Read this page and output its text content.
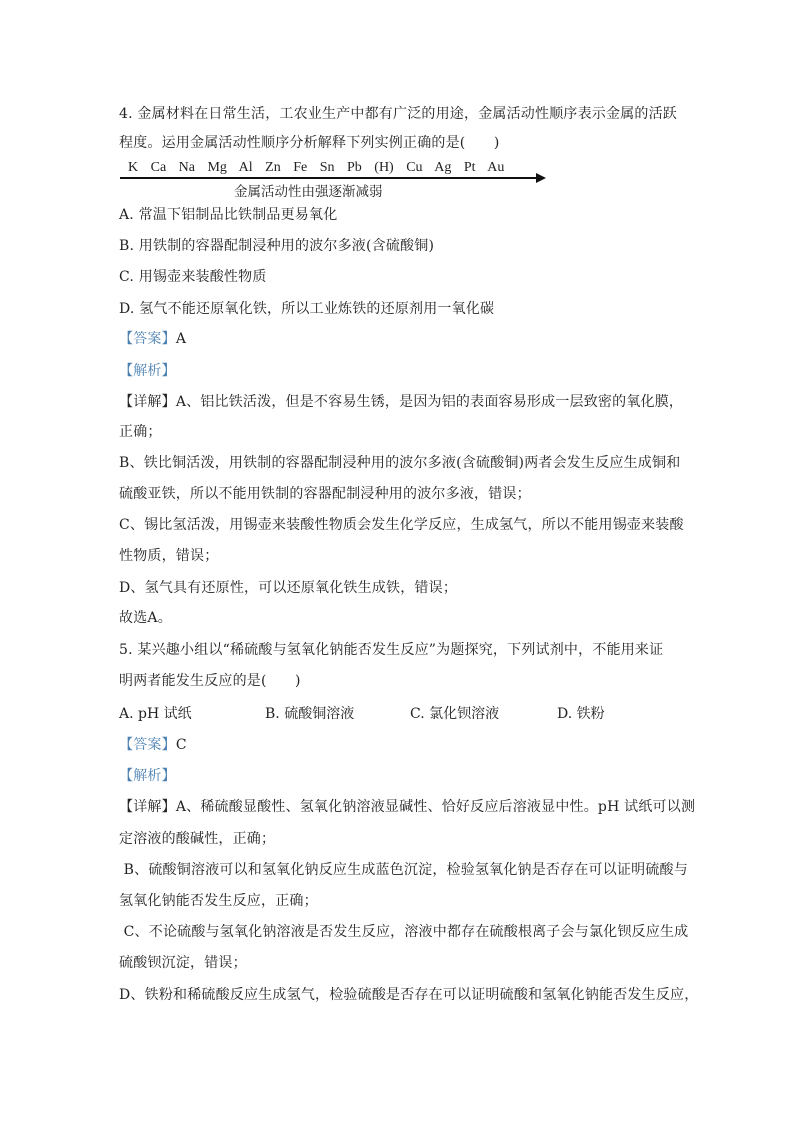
4. 金属材料在日常生活，工农业生产中都有广泛的用途，金属活动性顺序表示金属的活跃
程度。运用金属活动性顺序分析解释下列实例正确的是(　　)
K Ca Na Mg Al Zn Fe Sn Pb (H) Cu Ag Pt Au
金属活动性由强逐渐减弱
A. 常温下铝制品比铁制品更易氧化
B. 用铁制的容器配制浸种用的波尔多液(含硫酸铜)
C. 用锡壶来装酸性物质
D. 氢气不能还原氧化铁，所以工业炼铁的还原剂用一氧化碳
【答案】A
【解析】
【详解】A、铝比铁活泼，但是不容易生锈，是因为铝的表面容易形成一层致密的氧化膜，
正确；
B、铁比铜活泼，用铁制的容器配制浸种用的波尔多液(含硫酸铜)两者会发生反应生成铜和
硫酸亚铁，所以不能用铁制的容器配制浸种用的波尔多液，错误；
C、锡比氢活泼，用锡壶来装酸性物质会发生化学反应，生成氢气，所以不能用锡壶来装酸
性物质，错误；
D、氢气具有还原性，可以还原氧化铁生成铁，错误；
故选A。
5. 某兴趣小组以“稀硫酸与氢氧化钠能否发生反应”为题探究，下列试剂中，不能用来证
明两者能发生反应的是(　　)
A. pH 试纸	B. 硫酸铜溶液	C. 氯化钡溶液	D. 铁粉
【答案】C
【解析】
【详解】A、稀硫酸显酸性、氢氧化钠溶液显碱性、恰好反应后溶液显中性。pH 试纸可以测
定溶液的酸碱性，正确；
B、硫酸铜溶液可以和氢氧化钠反应生成蓝色沉淀，检验氢氧化钠是否存在可以证明硫酸与
氢氧化钠能否发生反应，正确；
C、不论硫酸与氢氧化钠溶液是否发生反应，溶液中都存在硫酸根离子会与氯化钡反应生成
硫酸钡沉淀，错误；
D、铁粉和稀硫酸反应生成氢气，检验硫酸是否存在可以证明硫酸和氢氧化钠能否发生反应，
